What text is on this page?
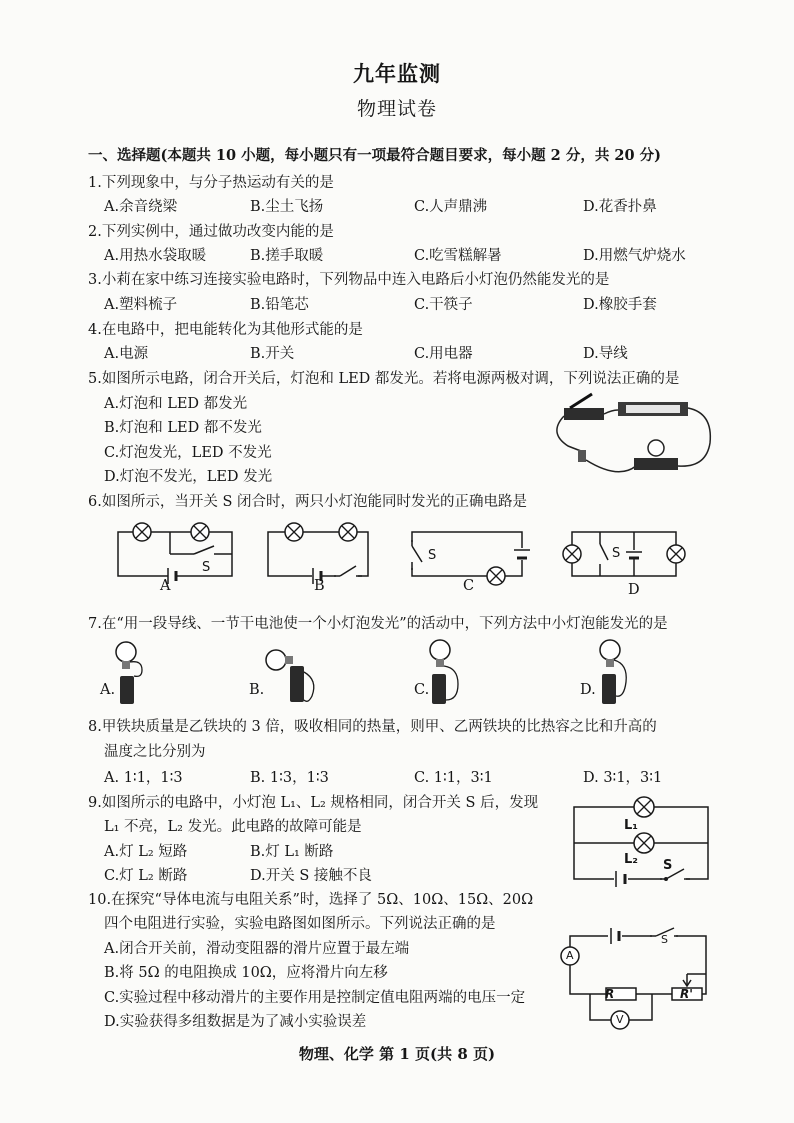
九年监测
物理试卷
一、选择题(本题共 10 小题，每小题只有一项最符合题目要求，每小题 2 分，共 20 分)
1.下列现象中，与分子热运动有关的是
A.余音绕梁	B.尘土飞扬	C.人声鼎沸	D.花香扑鼻
2.下列实例中，通过做功改变内能的是
A.用热水袋取暖	B.搓手取暖	C.吃雪糕解暑	D.用燃气炉烧水
3.小莉在家中练习连接实验电路时，下列物品中连入电路后小灯泡仍然能发光的是
A.塑料梳子	B.铅笔芯	C.干筷子	D.橡胶手套
4.在电路中，把电能转化为其他形式能的是
A.电源	B.开关	C.用电器	D.导线
5.如图所示电路，闭合开关后，灯泡和 LED 都发光。若将电源两极对调，下列说法正确的是
A.灯泡和 LED 都发光
B.灯泡和 LED 都不发光
C.灯泡发光，LED 不发光
D.灯泡不发光，LED 发光
6.如图所示，当开关 S 闭合时，两只小灯泡能同时发光的正确电路是
S
A	B
S
C
S
D
7.在“用一段导线、一节干电池使一个小灯泡发光”的活动中，下列方法中小灯泡能发光的是
A.	B.	C.	D.
8.甲铁块质量是乙铁块的 3 倍，吸收相同的热量，则甲、乙两铁块的比热容之比和升高的
温度之比分别为
A. 1∶1，1∶3	B. 1∶3，1∶3	C. 1∶1，3∶1	D. 3∶1，3∶1
9.如图所示的电路中，小灯泡 L₁、L₂ 规格相同，闭合开关 S 后，发现
L₁ 不亮，L₂ 发光。此电路的故障可能是
A.灯 L₂ 短路	B.灯 L₁ 断路
C.灯 L₂ 断路	D.开关 S 接触不良
L₁
L₂ S
10.在探究“导体电流与电阻关系”时，选择了 5Ω、10Ω、15Ω、20Ω
四个电阻进行实验，实验电路图如图所示。下列说法正确的是
A.闭合开关前，滑动变阻器的滑片应置于最左端
B.将 5Ω 的电阻换成 10Ω，应将滑片向左移
C.实验过程中移动滑片的主要作用是控制定值电阻两端的电压一定
D.实验获得多组数据是为了减小实验误差
A
S
R	R'
V
物理、化学 第 1 页(共 8 页)
